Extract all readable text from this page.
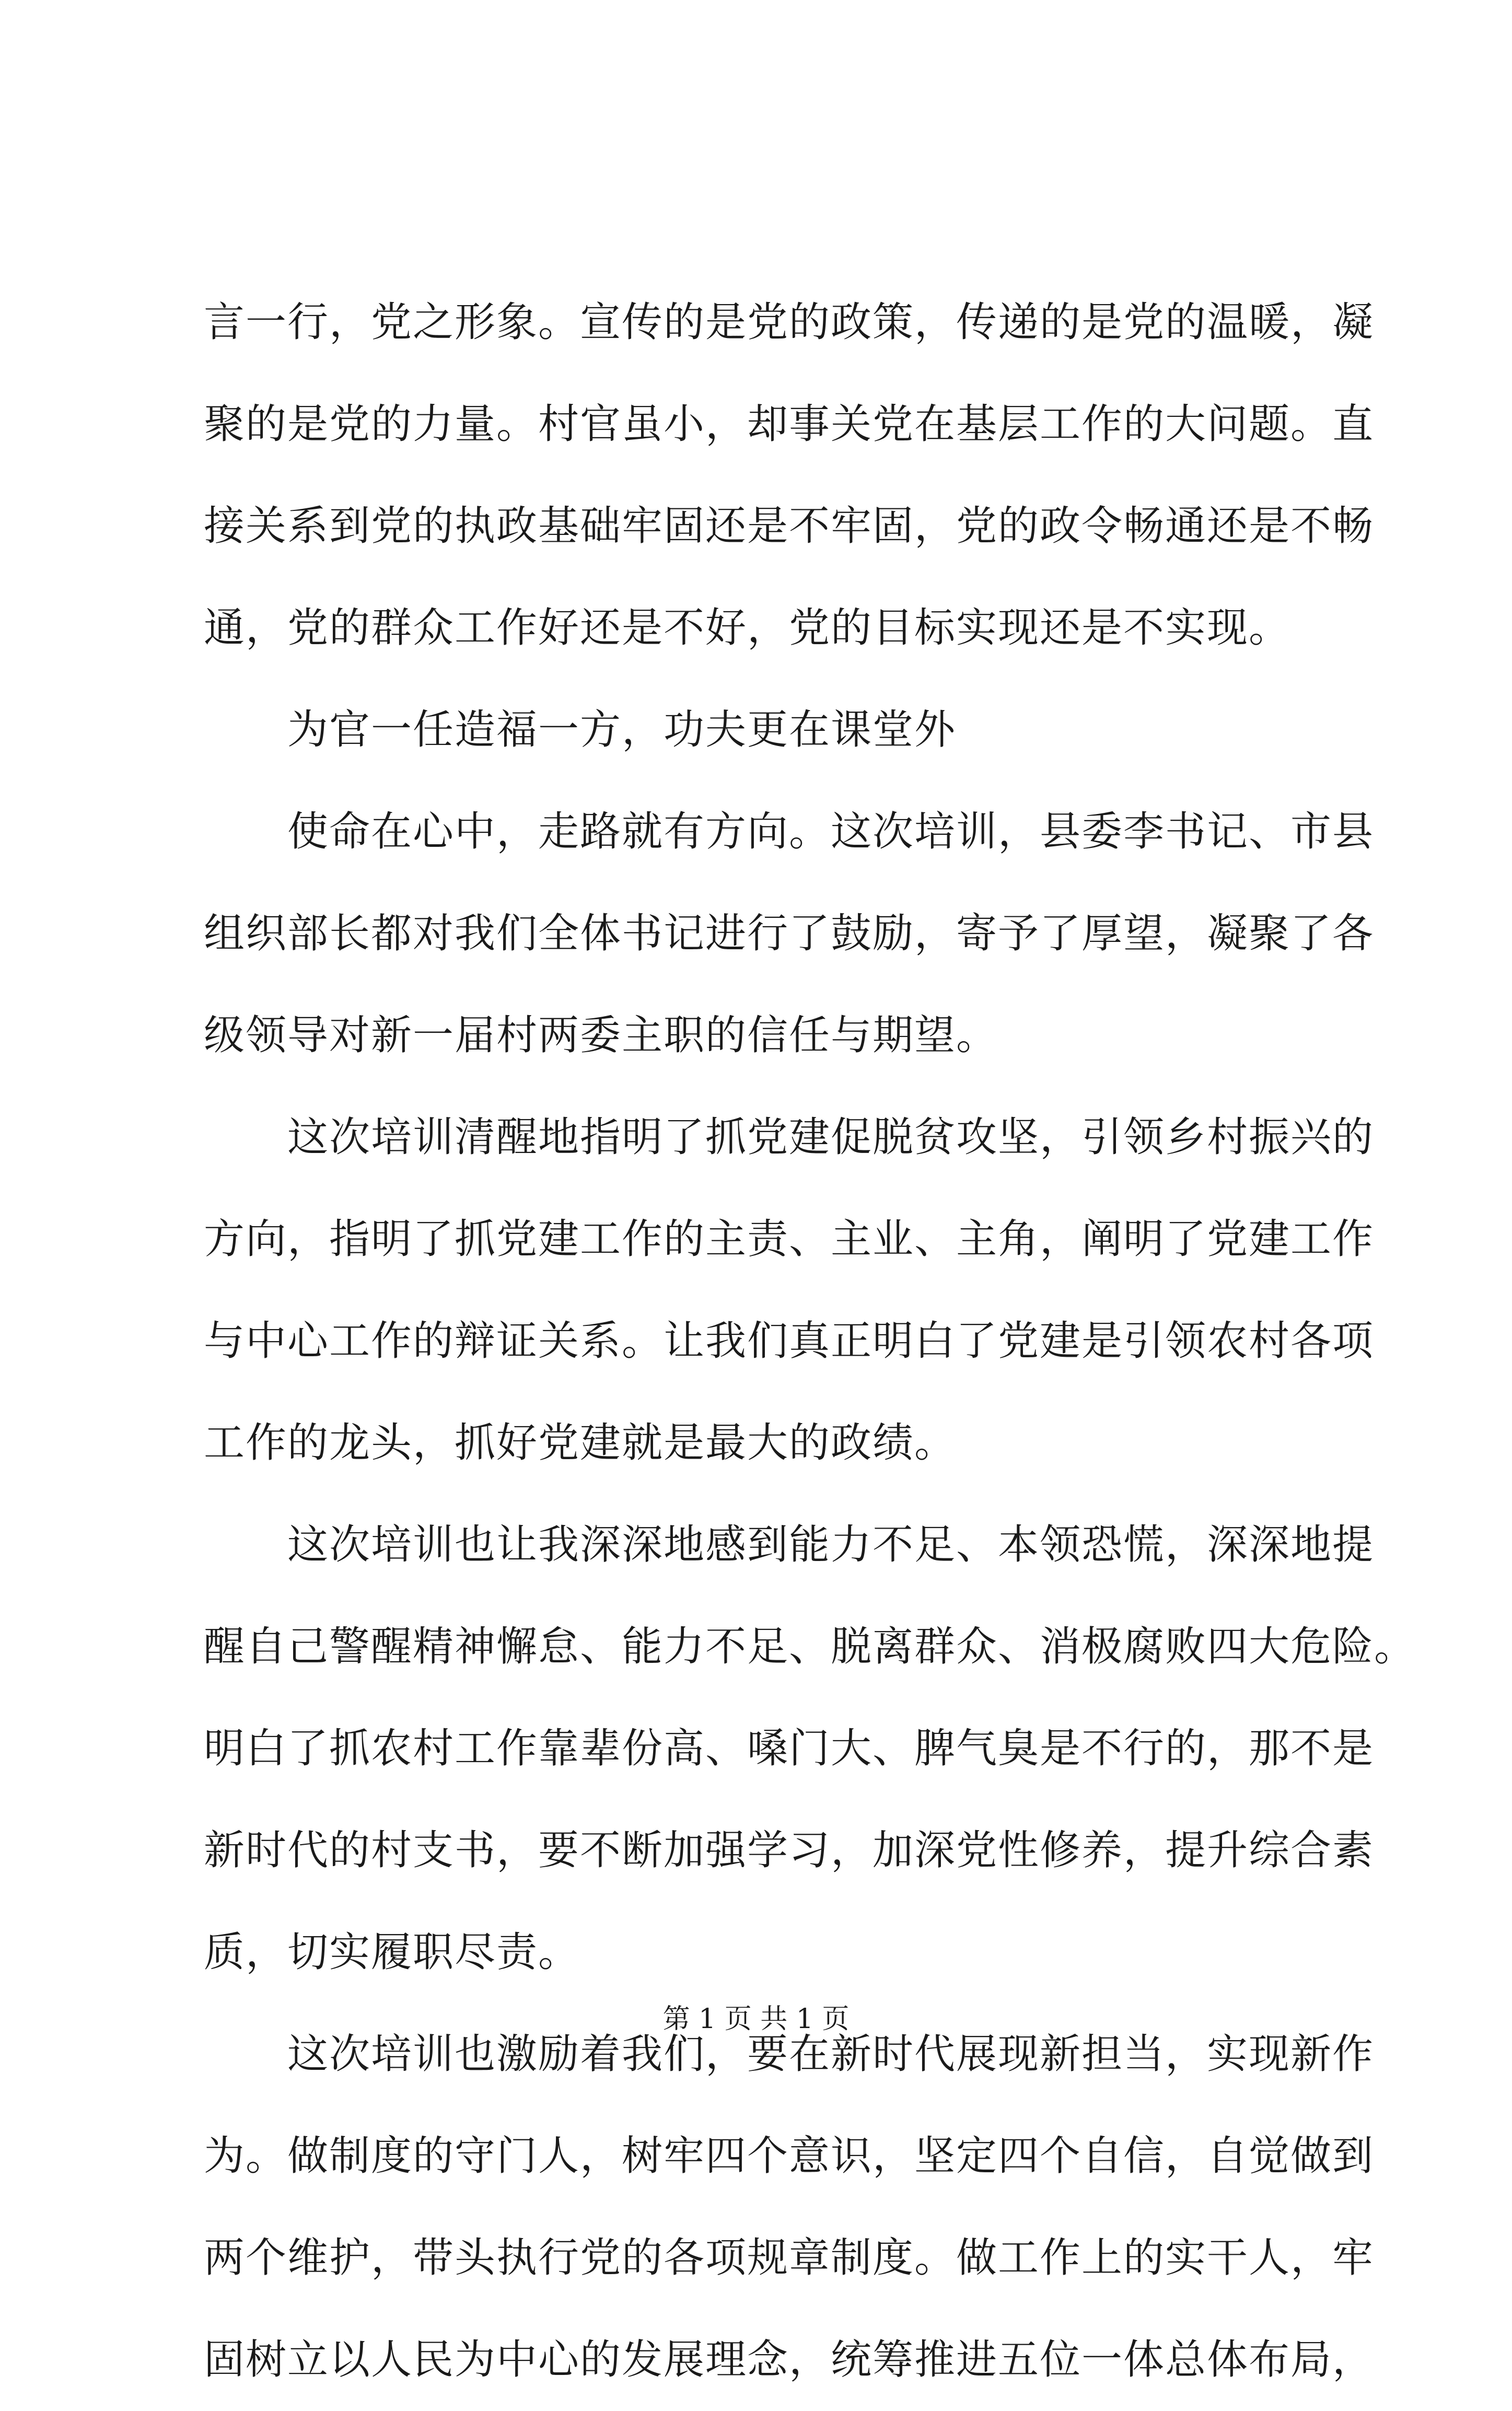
言一行，党之形象。宣传的是党的政策，传递的是党的温暖，凝
聚的是党的力量。村官虽小，却事关党在基层工作的大问题。直
接关系到党的执政基础牢固还是不牢固，党的政令畅通还是不畅
通，党的群众工作好还是不好，党的目标实现还是不实现。
　　为官一任造福一方，功夫更在课堂外
　　使命在心中，走路就有方向。这次培训，县委李书记、市县
组织部长都对我们全体书记进行了鼓励，寄予了厚望，凝聚了各
级领导对新一届村两委主职的信任与期望。
　　这次培训清醒地指明了抓党建促脱贫攻坚，引领乡村振兴的
方向，指明了抓党建工作的主责、主业、主角，阐明了党建工作
与中心工作的辩证关系。让我们真正明白了党建是引领农村各项
工作的龙头，抓好党建就是最大的政绩。
　　这次培训也让我深深地感到能力不足、本领恐慌，深深地提
醒自己警醒精神懈怠、能力不足、脱离群众、消极腐败四大危险。
明白了抓农村工作靠辈份高、嗓门大、脾气臭是不行的，那不是
新时代的村支书，要不断加强学习，加深党性修养，提升综合素
质，切实履职尽责。
　　这次培训也激励着我们，要在新时代展现新担当，实现新作
为。做制度的守门人，树牢四个意识，坚定四个自信，自觉做到
两个维护，带头执行党的各项规章制度。做工作上的实干人，牢
固树立以人民为中心的发展理念，统筹推进五位一体总体布局，
第 1 页 共 1 页
